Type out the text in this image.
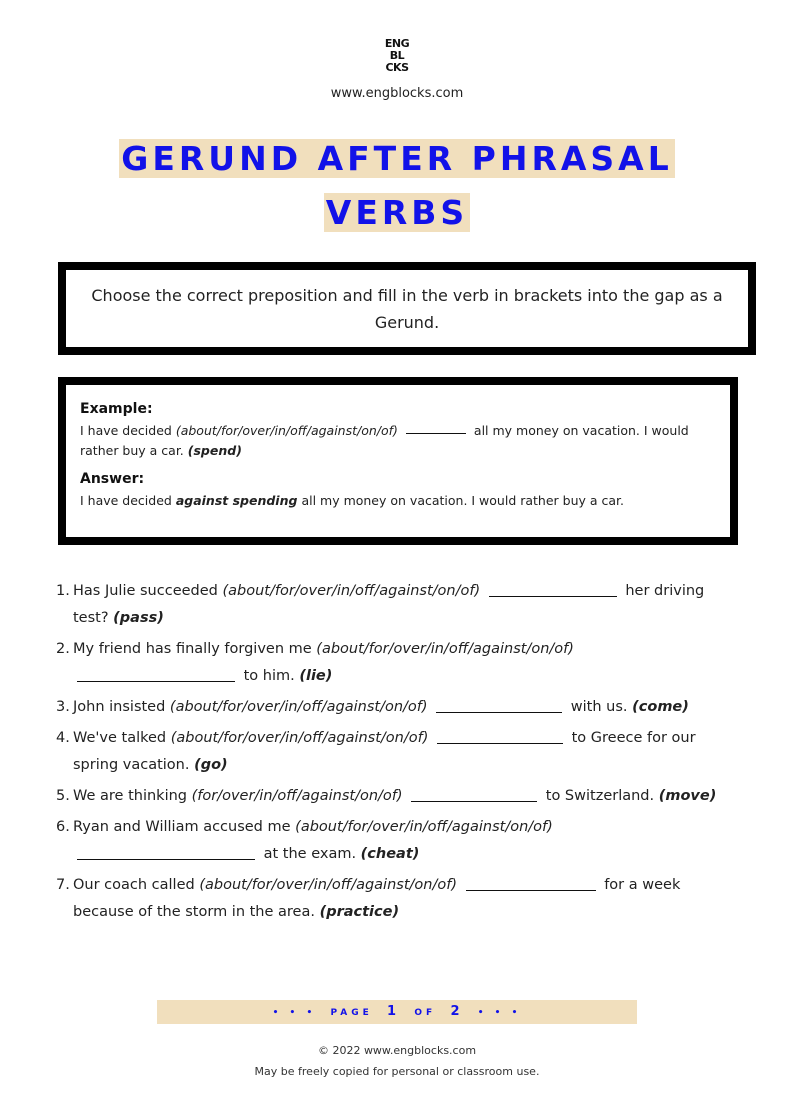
ENG
BL
CKS
www.engblocks.com
GERUND AFTER PHRASAL
VERBS
Choose the correct preposition and fill in the verb in brackets into the gap as a Gerund.
Example:
I have decided (about/for/over/in/off/against/on/of)	all my money on vacation. I would rather buy a car. (spend)
Answer:
I have decided against spending all my money on vacation. I would rather buy a car.
1. Has Julie succeeded (about/for/over/in/off/against/on/of)	her driving test? (pass)
2. My friend has finally forgiven me (about/for/over/in/off/against/on/of)  to him. (lie)
3. John insisted (about/for/over/in/off/against/on/of)	with us. (come)
4. We've talked (about/for/over/in/off/against/on/of)	to Greece for our spring vacation. (go)
5. We are thinking (for/over/in/off/against/on/of)	to Switzerland. (move)
6. Ryan and William accused me (about/for/over/in/off/against/on/of)  at the exam. (cheat)
7. Our coach called (about/for/over/in/off/against/on/of)	for a week because of the storm in the area. (practice)
• • • PAGE 1 OF 2 • • •
© 2022 www.engblocks.com
May be freely copied for personal or classroom use.
